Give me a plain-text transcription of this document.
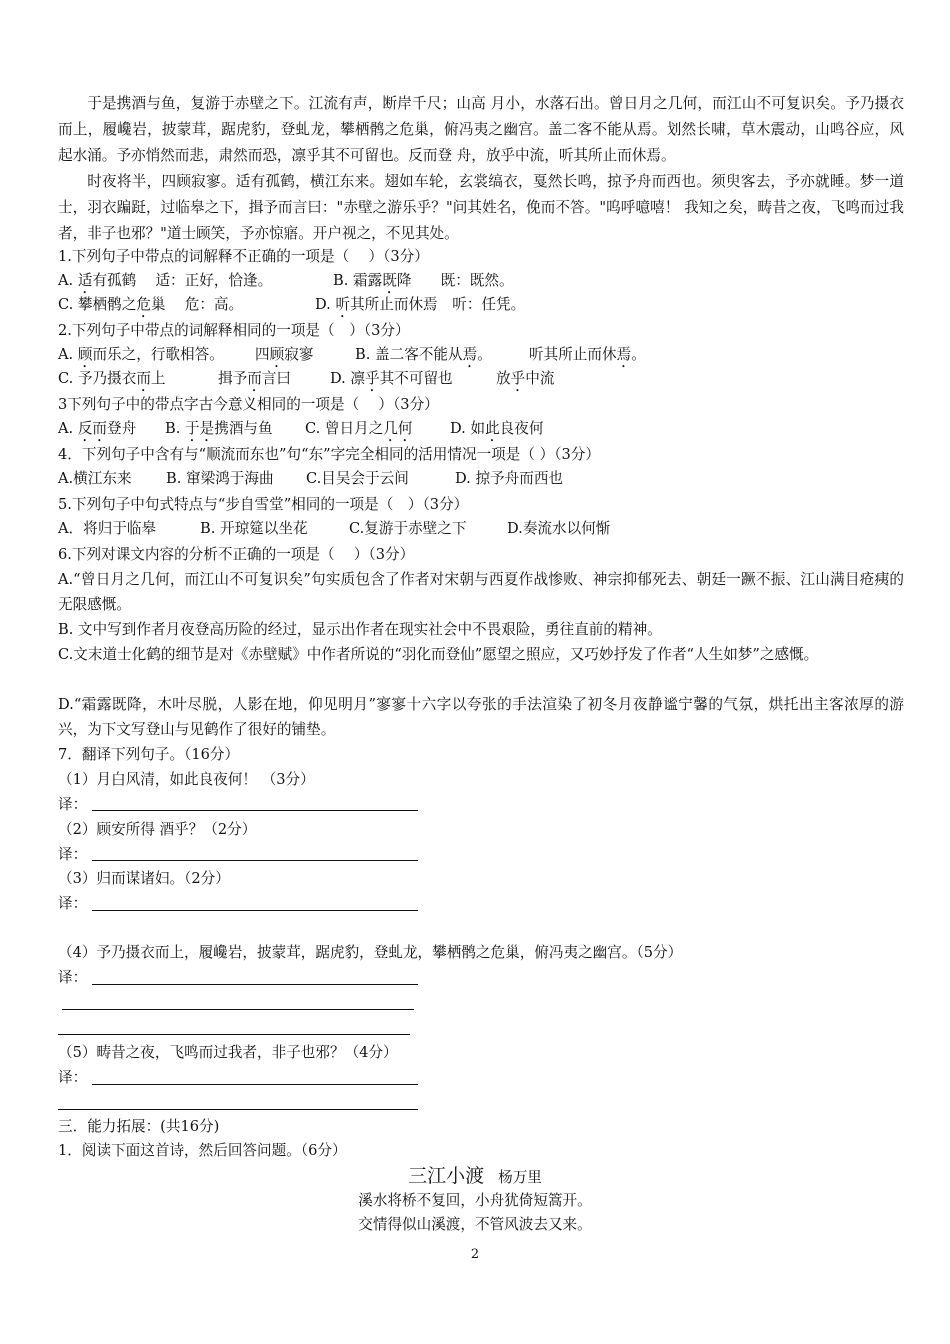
于是携酒与鱼，复游于赤壁之下。江流有声，断岸千尺；山高 月小，水落石出。曾日月之几何，而江山不可复识矣。予乃摄衣而上，履巉岩，披蒙茸，踞虎豹，登虬龙，攀栖鹘之危巢，俯冯夷之幽宫。盖二客不能从焉。划然长啸，草木震动，山鸣谷应，风起水涌。予亦悄然而悲，肃然而恐，凛乎其不可留也。反而登 舟，放乎中流，听其所止而休焉。
时夜将半，四顾寂寥。适有孤鹤，横江东来。翅如车轮，玄裳缟衣，戛然长鸣，掠予舟而西也。须臾客去，予亦就睡。梦一道士，羽衣蹁跹，过临皋之下，揖予而言曰："赤壁之游乐乎？"问其姓名，俛而不答。"呜呼噫嘻！ 我知之矣，畴昔之夜，飞鸣而过我者，非子也邪？"道士顾笑，予亦惊寤。开户视之，不见其处。
1.下列句子中带点的词解释不正确的一项是（　 ）（3分）
A. 适有孤鹤　 适：正好，恰逢。	B. 霜露既降　　既：既然。
C. 攀栖鹘之危巢　 危：高。	D. 听其所止而休焉　听：任凭。
2.下列句子中带点的词解释相同的一项是（　）（3分）
A. 顾而乐之，行歌相答。 四顾寂寥	B. 盖二客不能从焉。	听其所止而休焉。
C. 予乃摄衣而上	揖予而言曰	D. 凛乎其不可留也	放乎中流
3下列句子中的带点字古今意义相同的一项是（　 ）（3分）
A. 反而登舟 B. 于是携酒与鱼 C. 曾日月之几何	D. 如此良夜何
4．下列句子中含有与“顺流而东也”句“东”字完全相同的活用情况一项是（ ）（3分）
A.横江东来 B. 窜梁鸿于海曲 C.目吴会于云间	D. 掠予舟而西也
5.下列句子中句式特点与“步自雪堂”相同的一项是（　）（3分）
A．将归于临皋	B. 开琼筵以坐花	C.复游于赤壁之下	D.奏流水以何惭
6.下列对课文内容的分析不正确的一项是（　 ）（3分）
A.“曾日月之几何，而江山不可复识矣”句实质包含了作者对宋朝与西夏作战惨败、神宗抑郁死去、朝廷一蹶不振、江山满目疮痍的无限感慨。
B. 文中写到作者月夜登高历险的经过，显示出作者在现实社会中不畏艰险，勇往直前的精神。
C.文末道士化鹤的细节是对《赤壁赋》中作者所说的“羽化而登仙”愿望之照应，又巧妙抒发了作者“人生如梦”之感慨。
D.“霜露既降，木叶尽脱，人影在地，仰见明月”寥寥十六字以夸张的手法渲染了初冬月夜静谧宁馨的气氛，烘托出主客浓厚的游兴，为下文写登山与见鹤作了很好的铺垫。
7．翻译下列句子。（16分）
（1）月白风清，如此良夜何！ （3分）
译：
（2）顾安所得 酒乎？（2分）
译：
（3）归而谋诸妇。（2分）
译：
（4）予乃摄衣而上，履巉岩，披蒙茸，踞虎豹，登虬龙，攀栖鹘之危巢，俯冯夷之幽宫。（5分）
译：
（5）畴昔之夜，飞鸣而过我者，非子也邪？（4分）
译：
三．能力拓展：(共16分)
1．阅读下面这首诗，然后回答问题。（6分）
三江小渡 杨万里
溪水将桥不复回，小舟犹倚短篙开。
交情得似山溪渡，不管风波去又来。
2
